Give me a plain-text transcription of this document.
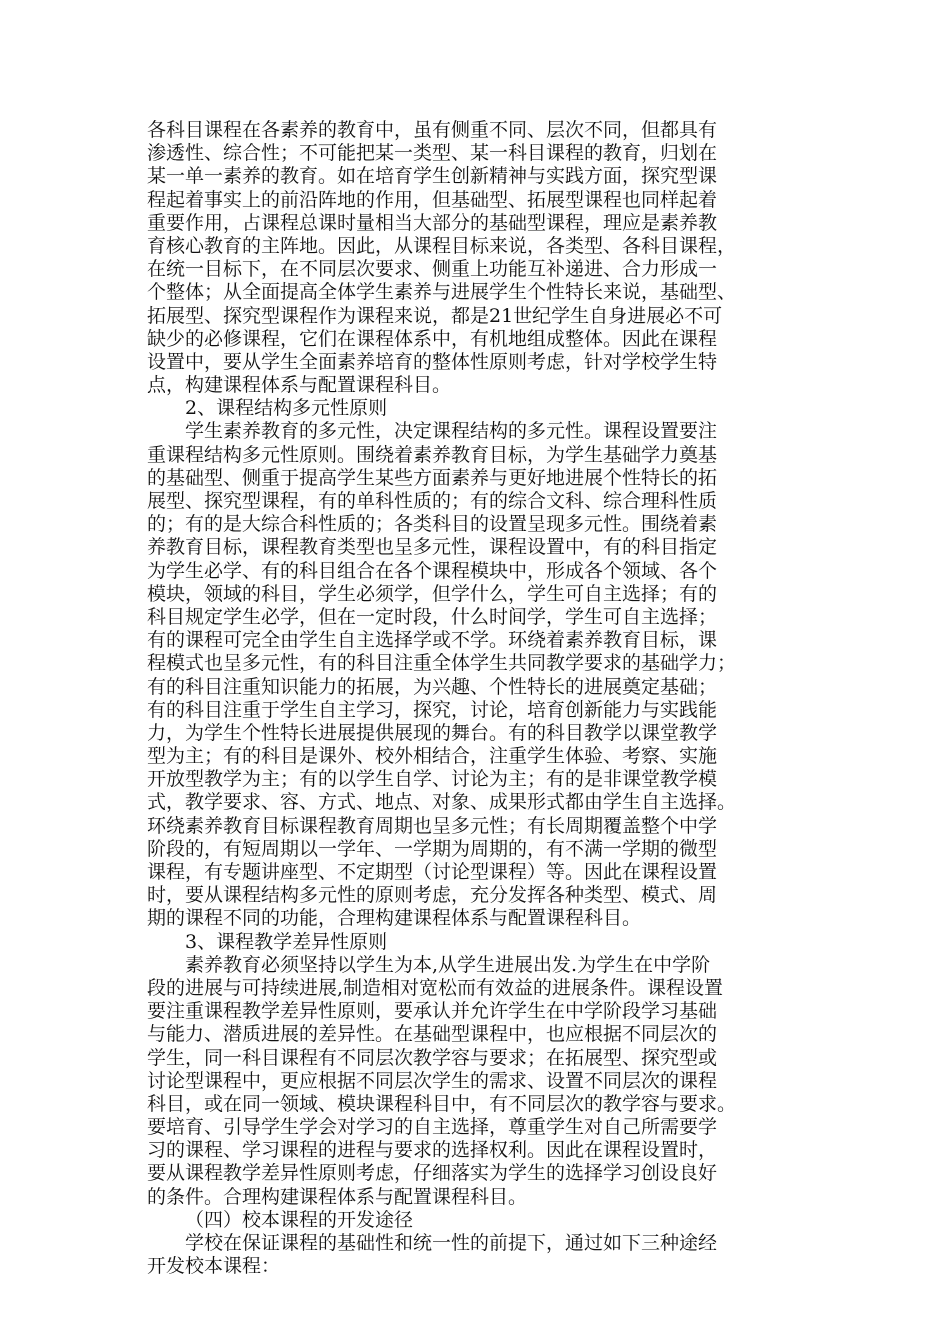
各科目课程在各素养的教育中，虽有侧重不同、层次不同，但都具有
渗透性、综合性；不可能把某一类型、某一科目课程的教育，归划在
某一单一素养的教育。如在培育学生创新精神与实践方面，探究型课
程起着事实上的前沿阵地的作用，但基础型、拓展型课程也同样起着
重要作用，占课程总课时量相当大部分的基础型课程，理应是素养教
育核心教育的主阵地。因此，从课程目标来说，各类型、各科目课程，
在统一目标下，在不同层次要求、侧重上功能互补递进、合力形成一
个整体；从全面提高全体学生素养与进展学生个性特长来说，基础型、
拓展型、探究型课程作为课程来说，都是21世纪学生自身进展必不可
缺少的必修课程，它们在课程体系中，有机地组成整体。因此在课程
设置中，要从学生全面素养培育的整体性原则考虑，针对学校学生特
点，构建课程体系与配置课程科目。
2、课程结构多元性原则
学生素养教育的多元性，决定课程结构的多元性。课程设置要注
重课程结构多元性原则。围绕着素养教育目标，为学生基础学力奠基
的基础型、侧重于提高学生某些方面素养与更好地进展个性特长的拓
展型、探究型课程，有的单科性质的；有的综合文科、综合理科性质
的；有的是大综合科性质的；各类科目的设置呈现多元性。围绕着素
养教育目标，课程教育类型也呈多元性，课程设置中，有的科目指定
为学生必学、有的科目组合在各个课程模块中，形成各个领域、各个
模块，领域的科目，学生必须学，但学什么，学生可自主选择；有的
科目规定学生必学，但在一定时段，什么时间学，学生可自主选择；
有的课程可完全由学生自主选择学或不学。环绕着素养教育目标，课
程模式也呈多元性，有的科目注重全体学生共同教学要求的基础学力；
有的科目注重知识能力的拓展，为兴趣、个性特长的进展奠定基础；
有的科目注重于学生自主学习，探究，讨论，培育创新能力与实践能
力，为学生个性特长进展提供展现的舞台。有的科目教学以课堂教学
型为主；有的科目是课外、校外相结合，注重学生体验、考察、实施
开放型教学为主；有的以学生自学、讨论为主；有的是非课堂教学模
式，教学要求、容、方式、地点、对象、成果形式都由学生自主选择。
环绕素养教育目标课程教育周期也呈多元性；有长周期覆盖整个中学
阶段的，有短周期以一学年、一学期为周期的，有不满一学期的微型
课程，有专题讲座型、不定期型（讨论型课程）等。因此在课程设置
时，要从课程结构多元性的原则考虑，充分发挥各种类型、模式、周
期的课程不同的功能，合理构建课程体系与配置课程科目。
3、课程教学差异性原则
素养教育必须坚持以学生为本,从学生进展出发.为学生在中学阶
段的进展与可持续进展,制造相对宽松而有效益的进展条件。课程设置
要注重课程教学差异性原则，要承认并允许学生在中学阶段学习基础
与能力、潜质进展的差异性。在基础型课程中，也应根据不同层次的
学生，同一科目课程有不同层次教学容与要求；在拓展型、探究型或
讨论型课程中，更应根据不同层次学生的需求、设置不同层次的课程
科目，或在同一领域、模块课程科目中，有不同层次的教学容与要求。
要培育、引导学生学会对学习的自主选择，尊重学生对自己所需要学
习的课程、学习课程的进程与要求的选择权利。因此在课程设置时，
要从课程教学差异性原则考虑，仔细落实为学生的选择学习创设良好
的条件。合理构建课程体系与配置课程科目。
（四）校本课程的开发途径
学校在保证课程的基础性和统一性的前提下，通过如下三种途经
开发校本课程：
